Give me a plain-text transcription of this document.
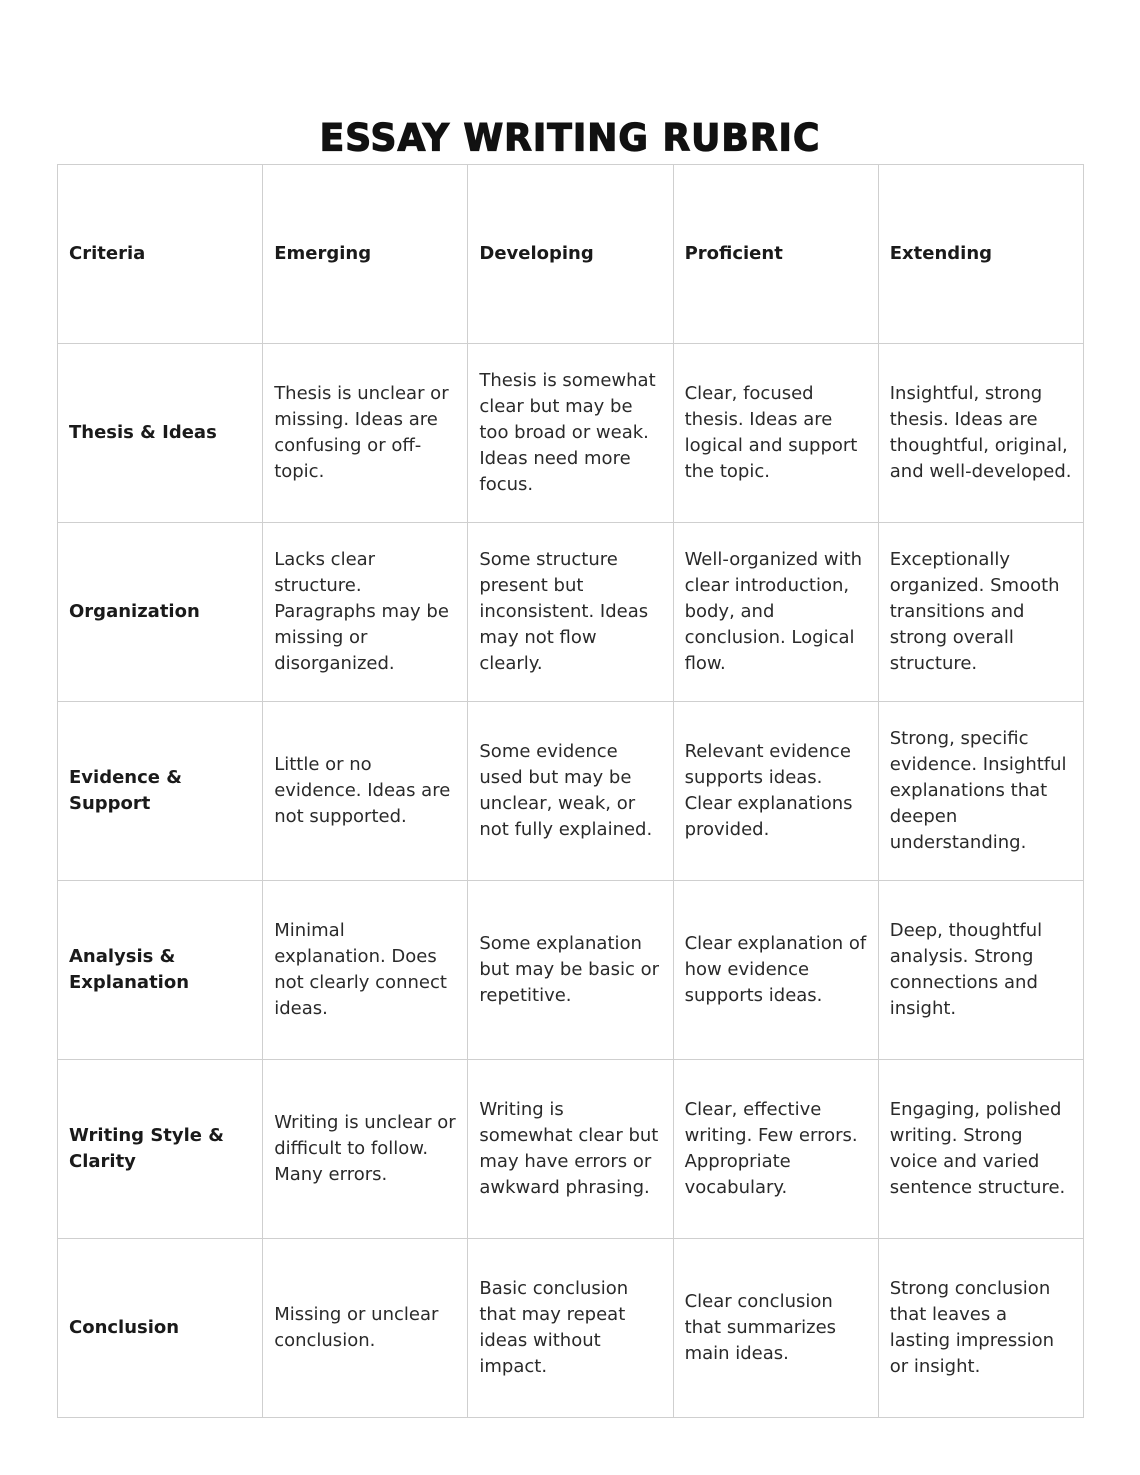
ESSAY WRITING RUBRIC
Criteria	Emerging	Developing	Proficient	Extending
Thesis & Ideas	Thesis is unclear or missing. Ideas are confusing or off-topic.	Thesis is somewhat clear but may be too broad or weak. Ideas need more focus.	Clear, focused thesis. Ideas are logical and support the topic.	Insightful, strong thesis. Ideas are thoughtful, original, and well-developed.
Organization	Lacks clear structure. Paragraphs may be missing or disorganized.	Some structure present but inconsistent. Ideas may not flow clearly.	Well-organized with clear introduction, body, and conclusion. Logical flow.	Exceptionally organized. Smooth transitions and strong overall structure.
Evidence & Support	Little or no evidence. Ideas are not supported.	Some evidence used but may be unclear, weak, or not fully explained.	Relevant evidence supports ideas. Clear explanations provided.	Strong, specific evidence. Insightful explanations that deepen understanding.
Analysis & Explanation	Minimal explanation. Does not clearly connect ideas.	Some explanation but may be basic or repetitive.	Clear explanation of how evidence supports ideas.	Deep, thoughtful analysis. Strong connections and insight.
Writing Style & Clarity	Writing is unclear or difficult to follow. Many errors.	Writing is somewhat clear but may have errors or awkward phrasing.	Clear, effective writing. Few errors. Appropriate vocabulary.	Engaging, polished writing. Strong voice and varied sentence structure.
Conclusion	Missing or unclear conclusion.	Basic conclusion that may repeat ideas without impact.	Clear conclusion that summarizes main ideas.	Strong conclusion that leaves a lasting impression or insight.
